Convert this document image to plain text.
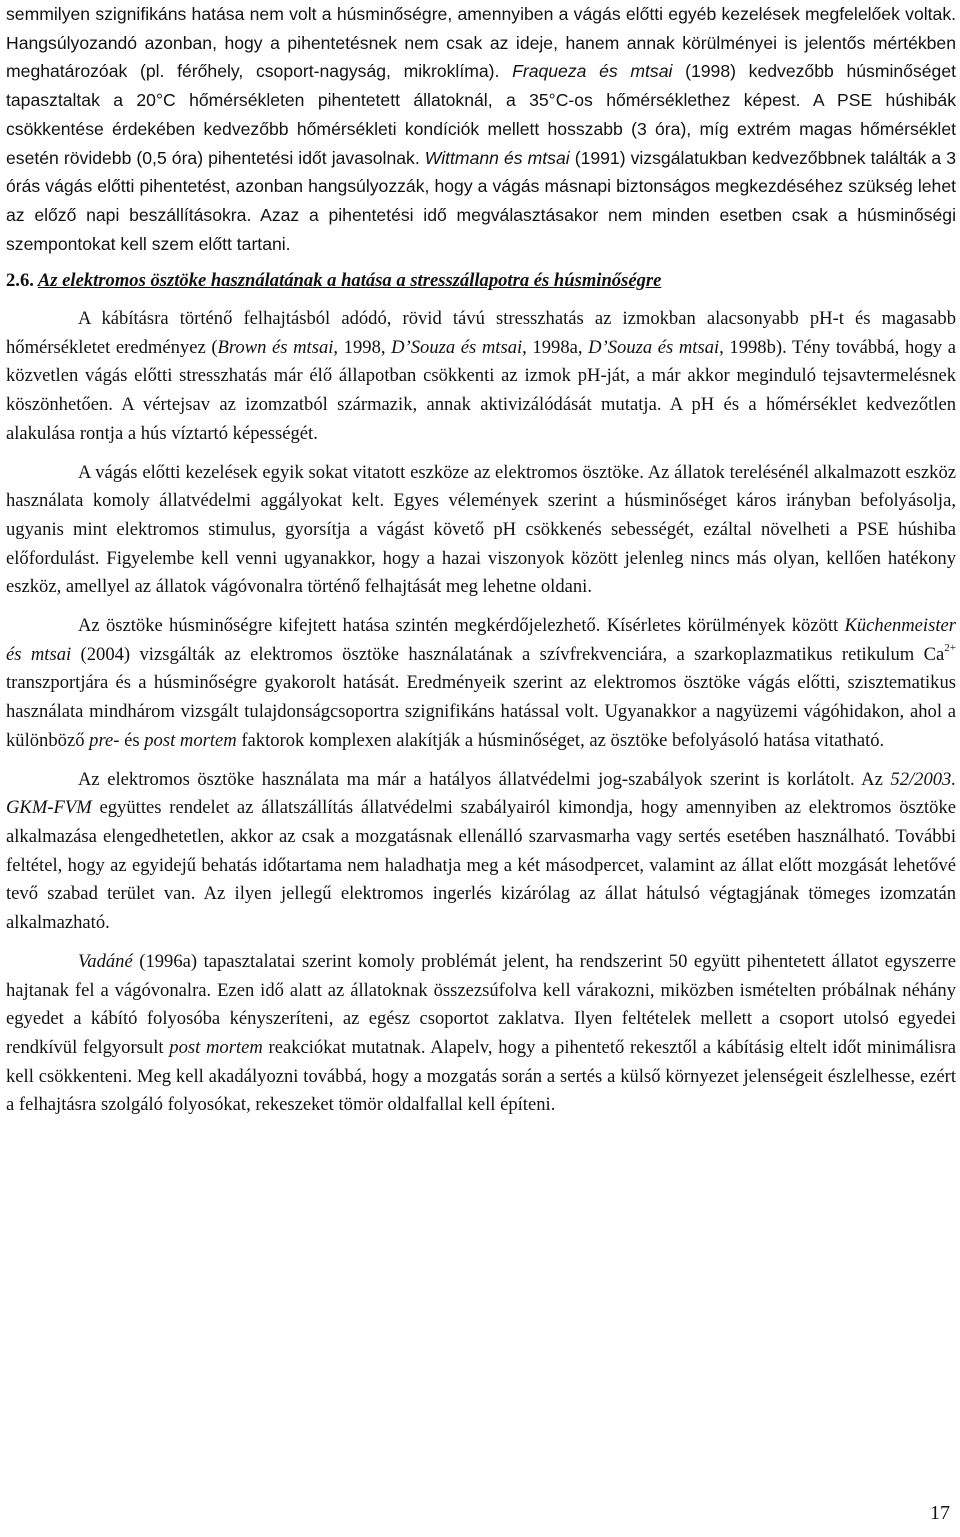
semmilyen szignifikáns hatása nem volt a húsminőségre, amennyiben a vágás előtti egyéb kezelések megfelelőek voltak. Hangsúlyozandó azonban, hogy a pihentetésnek nem csak az ideje, hanem annak körülményei is jelentős mértékben meghatározóak (pl. férőhely, csoport-nagyság, mikroklíma). Fraqueza és mtsai (1998) kedvezőbb húsminőséget tapasztaltak a 20°C hőmérsékleten pihentetett állatoknál, a 35°C-os hőmérséklethez képest. A PSE húshibák csökkentése érdekében kedvezőbb hőmérsékleti kondíciók mellett hosszabb (3 óra), míg extrém magas hőmérséklet esetén rövidebb (0,5 óra) pihentetési időt javasolnak. Wittmann és mtsai (1991) vizsgálatukban kedvezőbbnek találták a 3 órás vágás előtti pihentetést, azonban hangsúlyozzák, hogy a vágás másnapi biztonságos megkezdéséhez szükség lehet az előző napi beszállításokra. Azaz a pihentetési idő megválasztásakor nem minden esetben csak a húsminőségi szempontokat kell szem előtt tartani.

2.6. Az elektromos ösztöke használatának a hatása a stresszállapotra és húsminőségre

A kábításra történő felhajtásból adódó, rövid távú stresszhatás az izmokban alacsonyabb pH-t és magasabb hőmérsékletet eredményez (Brown és mtsai, 1998, D’Souza és mtsai, 1998a, D’Souza és mtsai, 1998b). Tény továbbá, hogy a közvetlen vágás előtti stresszhatás már élő állapotban csökkenti az izmok pH-ját, a már akkor meginduló tejsavtermelésnek köszönhetően. A vértejsav az izomzatból származik, annak aktivizálódását mutatja. A pH és a hőmérséklet kedvezőtlen alakulása rontja a hús víztartó képességét.

A vágás előtti kezelések egyik sokat vitatott eszköze az elektromos ösztöke. Az állatok terelésénél alkalmazott eszköz használata komoly állatvédelmi aggályokat kelt. Egyes vélemények szerint a húsminőséget káros irányban befolyásolja, ugyanis mint elektromos stimulus, gyorsítja a vágást követő pH csökkenés sebességét, ezáltal növelheti a PSE húshiba előfordulást. Figyelembe kell venni ugyanakkor, hogy a hazai viszonyok között jelenleg nincs más olyan, kellően hatékony eszköz, amellyel az állatok vágóvonalra történő felhajtását meg lehetne oldani.

Az ösztöke húsminőségre kifejtett hatása szintén megkérdőjelezhető. Kísérletes körülmények között Küchenmeister és mtsai (2004) vizsgálták az elektromos ösztöke használatának a szívfrekvenciára, a szarkoplazmatikus retikulum $Ca^{2+}$ transzportjára és a húsminőségre gyakorolt hatását. Eredményeik szerint az elektromos ösztöke vágás előtti, szisztematikus használata mindhárom vizsgált tulajdonságcsoportra szignifikáns hatással volt. Ugyanakkor a nagyüzemi vágóhidakon, ahol a különböző pre- és post mortem faktorok komplexen alakítják a húsminőséget, az ösztöke befolyásoló hatása vitatható.

Az elektromos ösztöke használata ma már a hatályos állatvédelmi jog-szabályok szerint is korlátolt. Az 52/2003. GKM-FVM együttes rendelet az állatszállítás állatvédelmi szabályairól kimondja, hogy amennyiben az elektromos ösztöke alkalmazása elengedhetetlen, akkor az csak a mozgatásnak ellenálló szarvasmarha vagy sertés esetében használható. További feltétel, hogy az egyidejű behatás időtartama nem haladhatja meg a két másodpercet, valamint az állat előtt mozgását lehetővé tevő szabad terület van. Az ilyen jellegű elektromos ingerlés kizárólag az állat hátulsó végtagjának tömeges izomzatán alkalmazható.

Vadáné (1996a) tapasztalatai szerint komoly problémát jelent, ha rendszerint 50 együtt pihentetett állatot egyszerre hajtanak fel a vágóvonalra. Ezen idő alatt az állatoknak összezsúfolva kell várakozni, miközben ismételten próbálnak néhány egyedet a kábító folyosóba kényszeríteni, az egész csoportot zaklatva. Ilyen feltételek mellett a csoport utolsó egyedei rendkívül felgyorsult post mortem reakciókat mutatnak. Alapelv, hogy a pihentető rekesztől a kábításig eltelt időt minimálisra kell csökkenteni. Meg kell akadályozni továbbá, hogy a mozgatás során a sertés a külső környezet jelenségeit észlelhesse, ezért a felhajtásra szolgáló folyosókat, rekeszeket tömör oldalfallal kell építeni.

17
